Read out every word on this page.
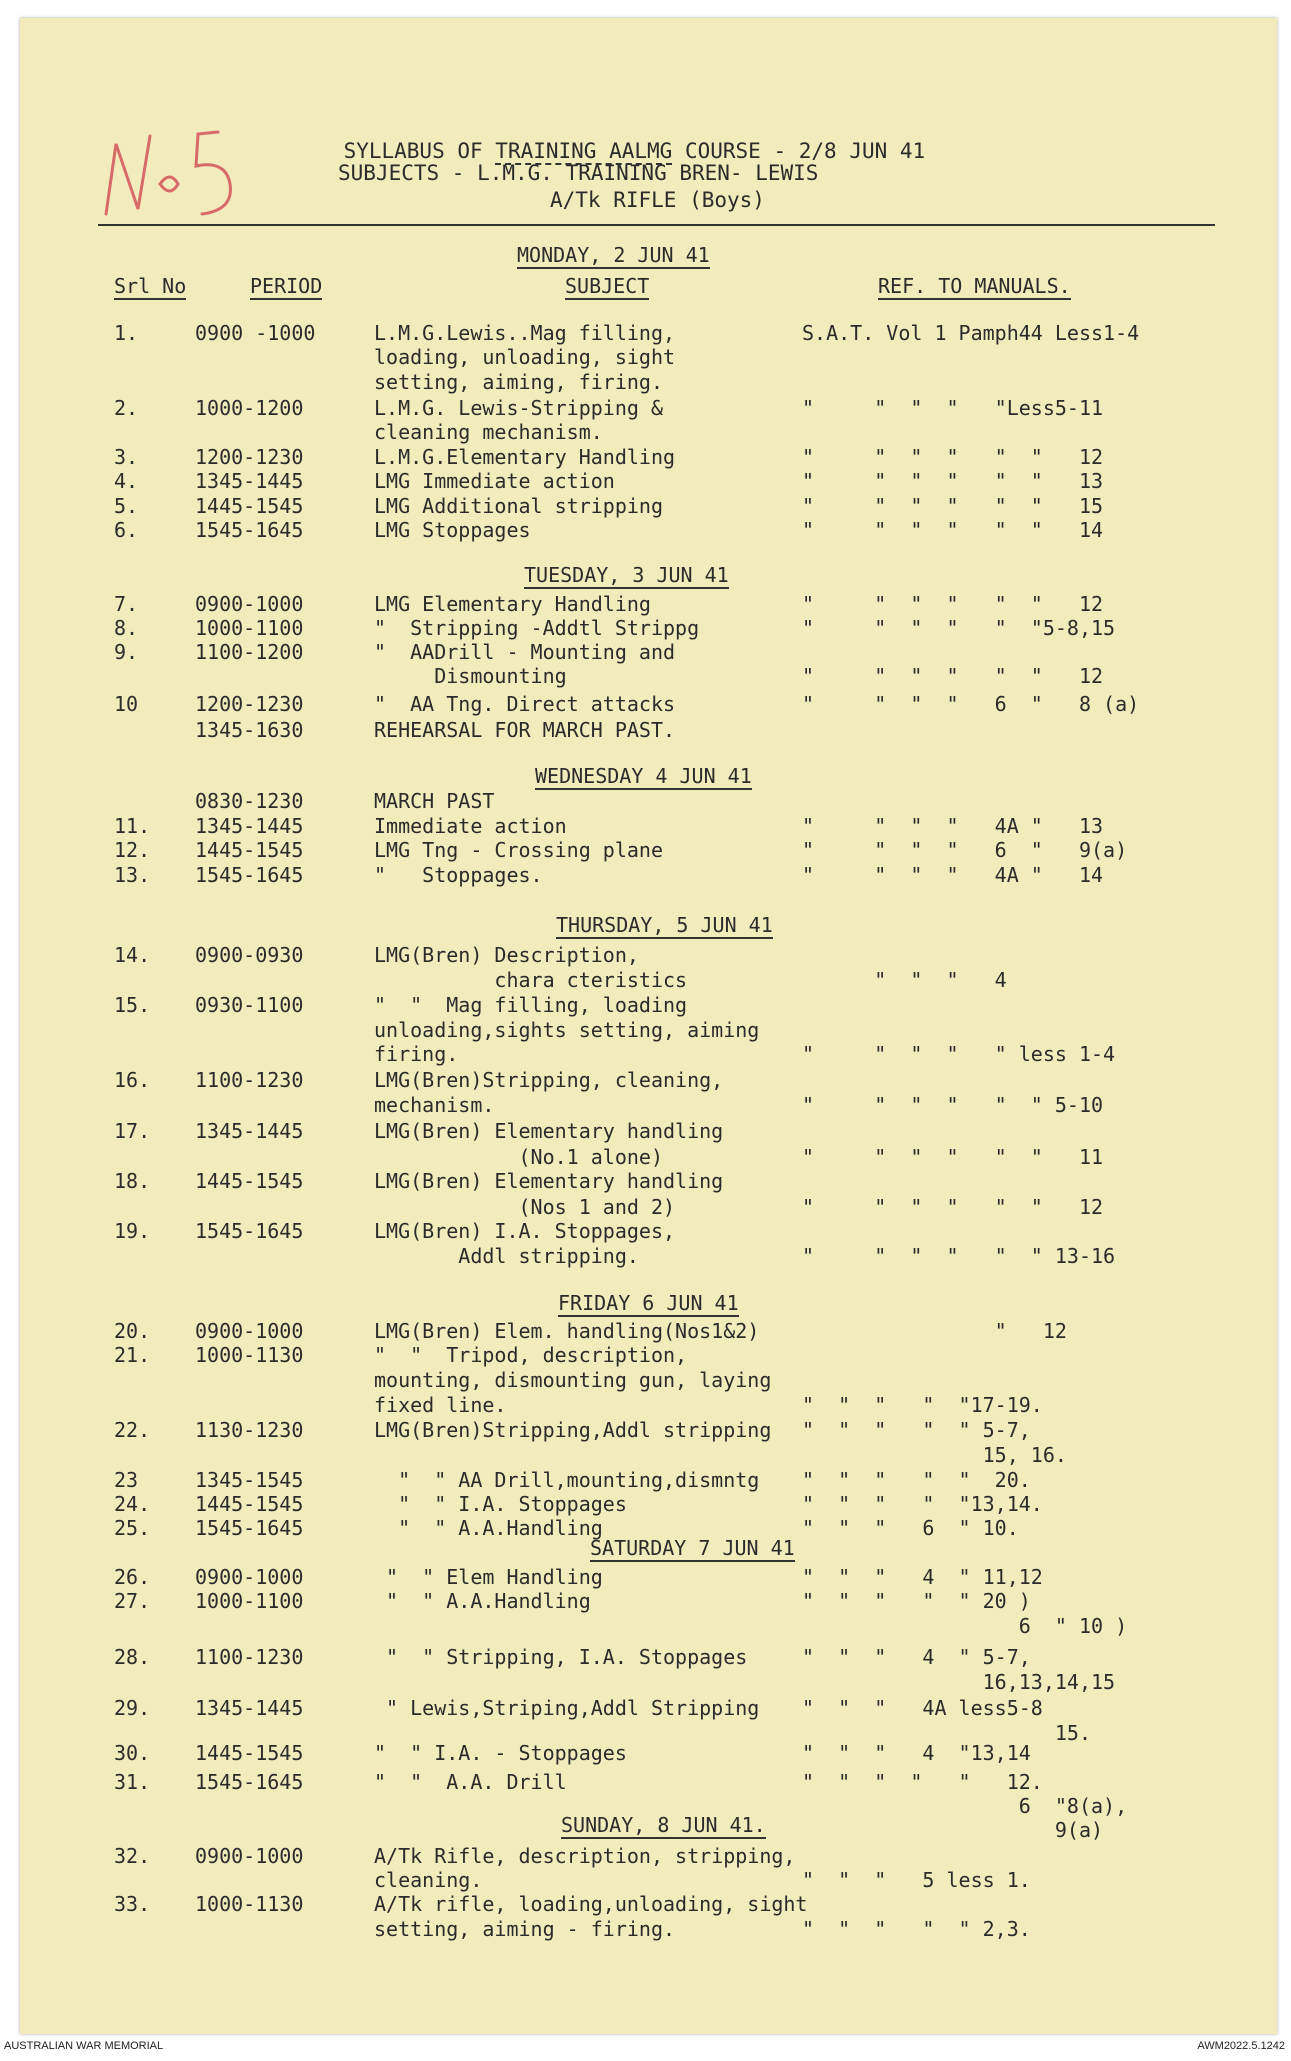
SYLLABUS OF TRAINING AALMG COURSE - 2/8 JUN 41

SUBJECTS - L.M.G. TRAINING BREN- LEWIS
A/Tk RIFLE (Boys)
MONDAY, 2 JUN 41
Srl No	PERIOD	SUBJECT	REF. TO MANUALS.
TUESDAY, 3 JUN 41
WEDNESDAY 4 JUN 41
THURSDAY, 5 JUN 41
FRIDAY 6 JUN 41
SATURDAY 7 JUN 41
SUNDAY, 8 JUN 41.
1.	0900 -1000	L.M.G.Lewis..Mag filling,	S.A.T. Vol 1 Pamph44 Less1-4
loading, unloading, sight
setting, aiming, firing.
2.	1000-1200	L.M.G. Lewis-Stripping &	"     "  "  "   "Less5-11
cleaning mechanism.
3.	1200-1230	L.M.G.Elementary Handling	"     "  "  "   "  "   12
4.	1345-1445	LMG Immediate action	"     "  "  "   "  "   13
5.	1445-1545	LMG Additional stripping	"     "  "  "   "  "   15
6.	1545-1645	LMG Stoppages	"     "  "  "   "  "   14
7.	0900-1000	LMG Elementary Handling	"     "  "  "   "  "   12
8.	1000-1100	"  Stripping -Addtl Strippg	"     "  "  "   "  "5-8,15
9.	1100-1200	"  AADrill - Mounting and
Dismounting	"     "  "  "   "  "   12
10	1200-1230	"  AA Tng. Direct attacks	"     "  "  "   6  "   8 (a)
1345-1630	REHEARSAL FOR MARCH PAST.
0830-1230	MARCH PAST
11. 1345-1445	Immediate action	"     "  "  "   4A "   13
12. 1445-1545	LMG Tng - Crossing plane	"     "  "  "   6  "   9(a)
13. 1545-1645	"   Stoppages.	"     "  "  "   4A "   14
14. 0900-0930	LMG(Bren) Description,
chara cteristics	"  "  "   4
15. 0930-1100	"  "  Mag filling, loading
unloading,sights setting, aiming
firing.	"     "  "  "   " less 1-4
16. 1100-1230	LMG(Bren)Stripping, cleaning,
mechanism.	"     "  "  "   "  " 5-10
17. 1345-1445	LMG(Bren) Elementary handling
(No.1 alone)	"     "  "  "   "  "   11
18. 1445-1545	LMG(Bren) Elementary handling
(Nos 1 and 2)	"     "  "  "   "  "   12
19. 1545-1645	LMG(Bren) I.A. Stoppages,
Addl stripping.	"     "  "  "   "  " 13-16
20. 0900-1000	LMG(Bren) Elem. handling(Nos1&2) "   12
21. 1000-1130	"  "  Tripod, description,
mounting, dismounting gun, laying
fixed line.	"  "  "   "  "17-19.
22. 1130-1230	LMG(Bren)Stripping,Addl stripping "  "  "   "  " 5-7,
15, 16.
23	1345-1545	"  " AA Drill,mounting,dismntg "  "  "   "  "  20.
24. 1445-1545	"  " I.A. Stoppages	"  "  "   "  "13,14.
25. 1545-1645	"  " A.A.Handling	"  "  "   6  " 10.
26. 0900-1000	"  " Elem Handling	"  "  "   4  " 11,12
27. 1000-1100	"  " A.A.Handling	"  "  "   "  " 20 )
6  " 10 )
28. 1100-1230	"  " Stripping, I.A. Stoppages	"  "  "   4  " 5-7,
16,13,14,15
29. 1345-1445	" Lewis,Striping,Addl Stripping "  "  "   4A less5-8
15.
30. 1445-1545	"  " I.A. - Stoppages	"  "  "   4  "13,14
31. 1545-1645	"  "  A.A. Drill	"  "  "  "   "   12.
6  "8(a),
9(a)
32. 0900-1000	A/Tk Rifle, description, stripping,
cleaning.	"  "  "   5 less 1.
33. 1000-1130	A/Tk rifle, loading,unloading, sight
setting, aiming - firing.	"  "  "   "  " 2,3.
AUSTRALIAN WAR MEMORIAL	AWM2022.5.1242
